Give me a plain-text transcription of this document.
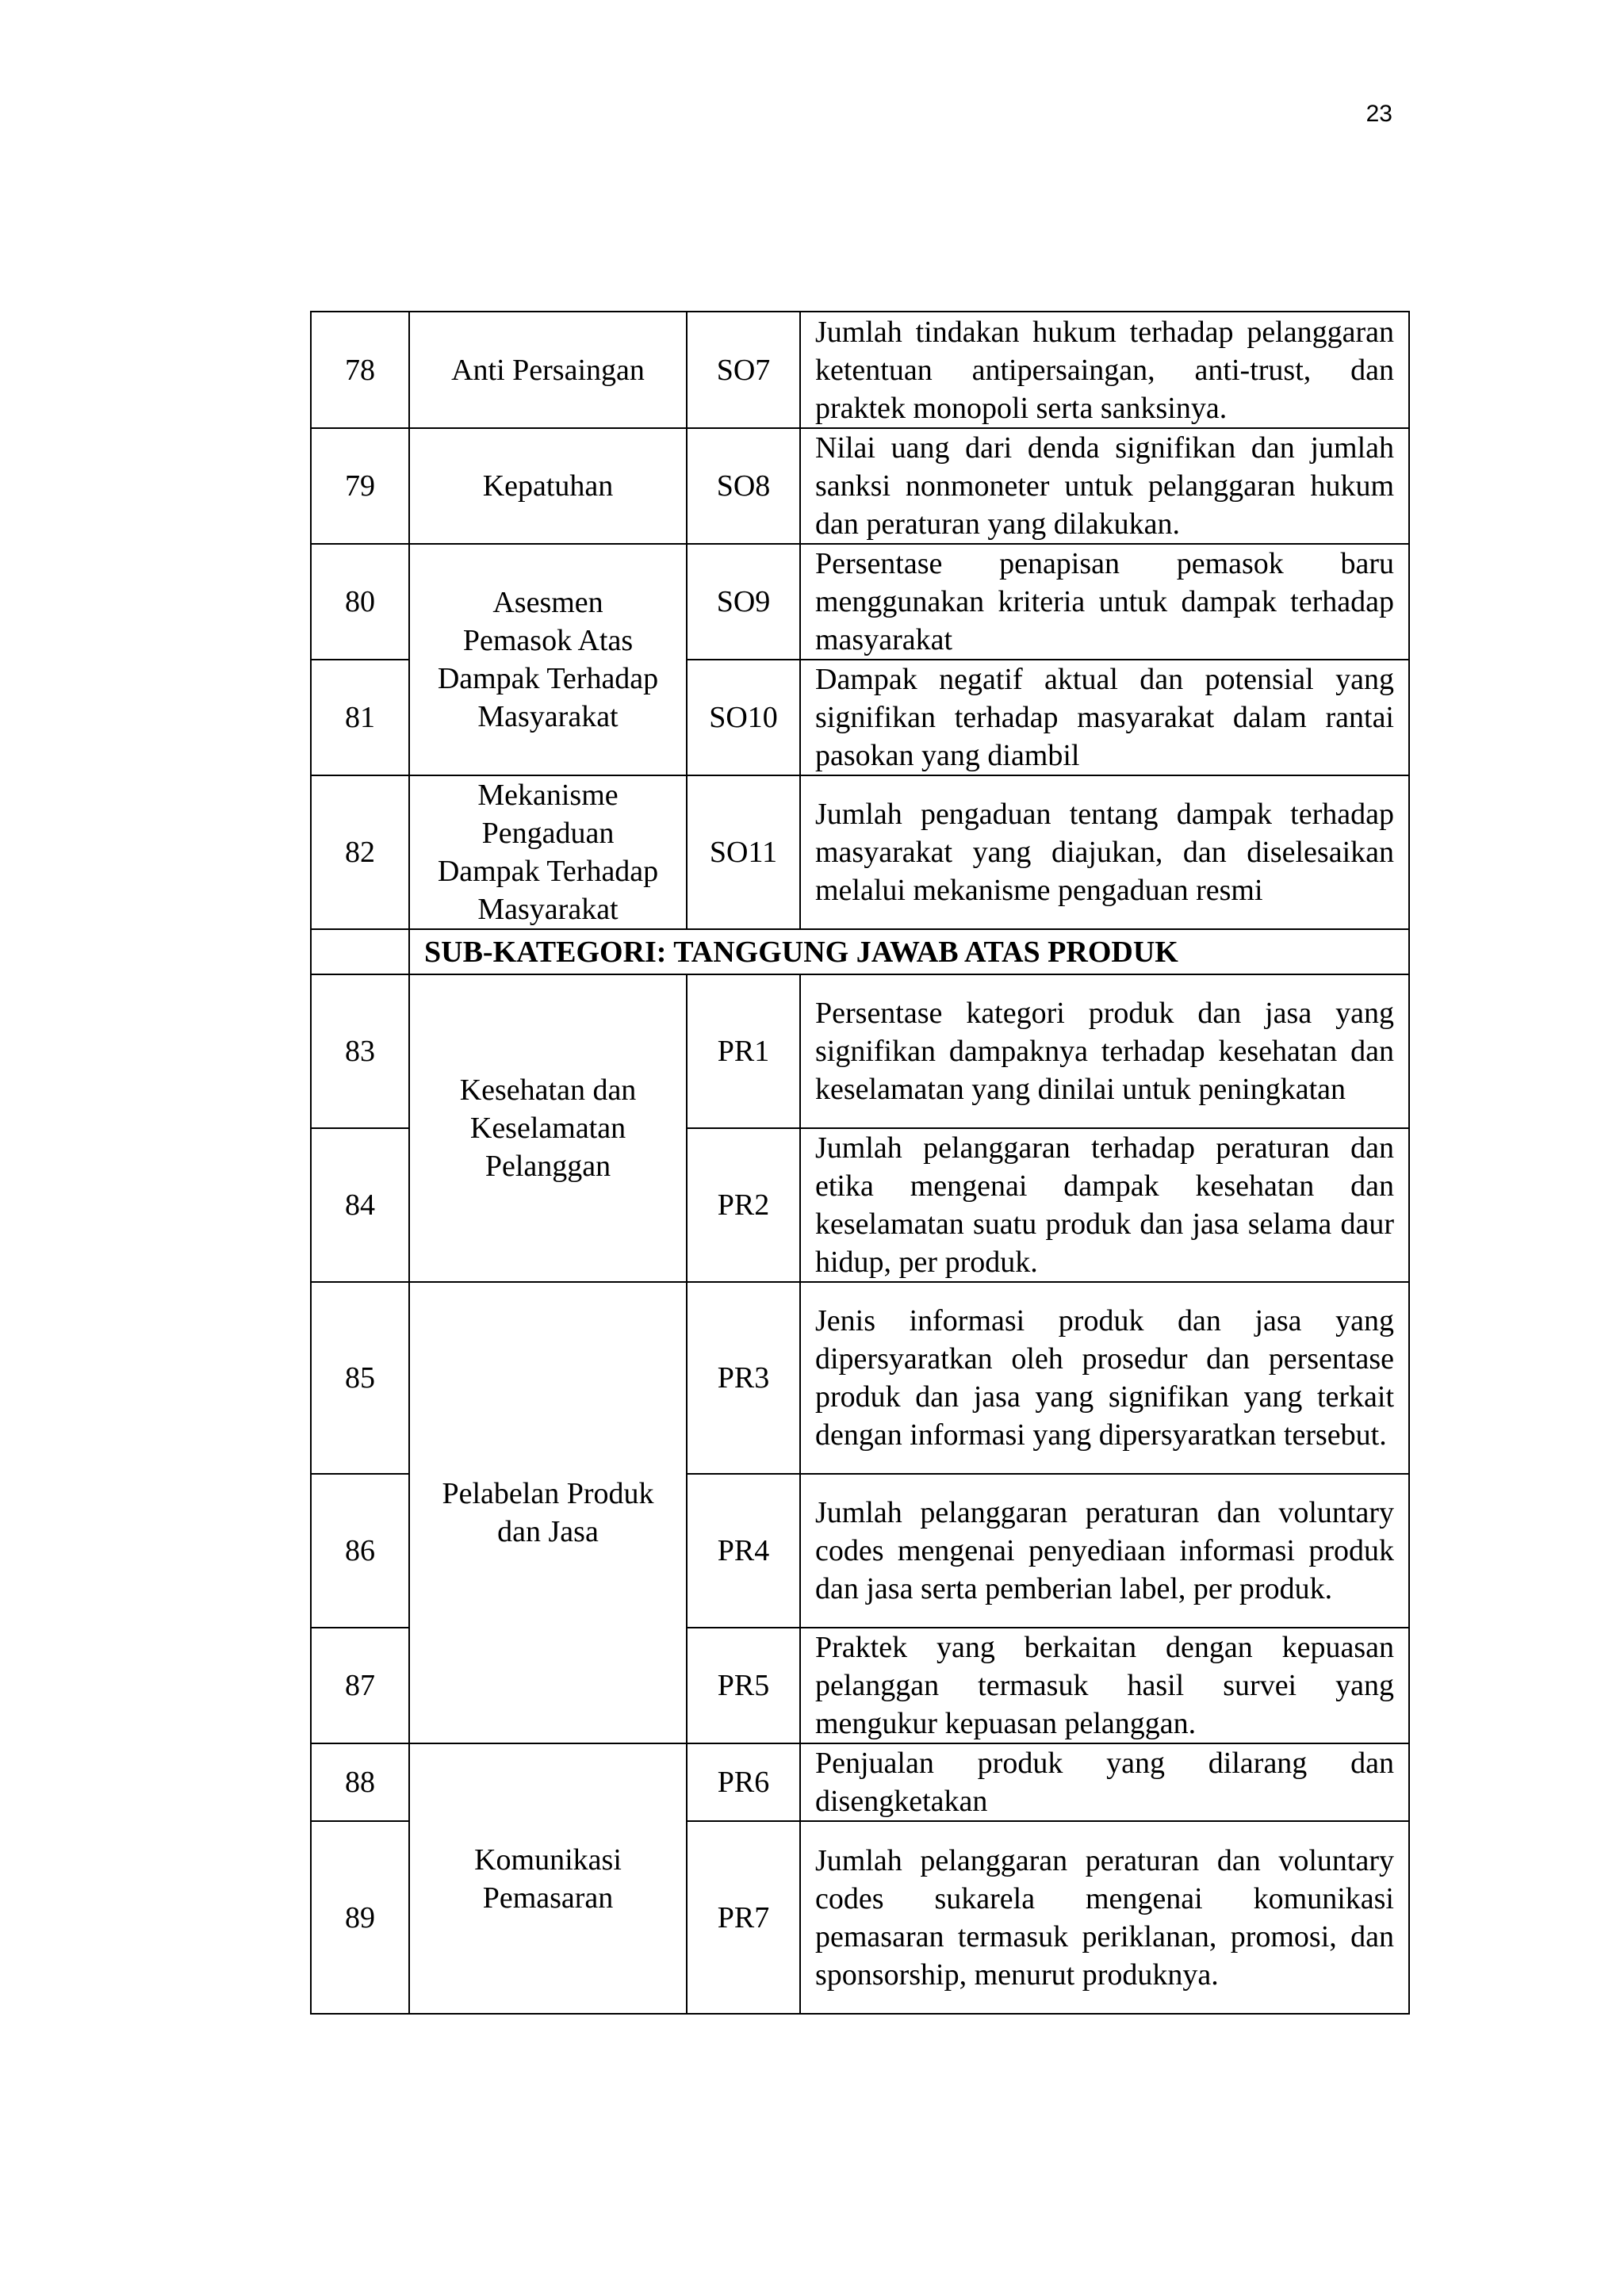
23
78	Anti Persaingan	SO7	Jumlah tindakan hukum terhadap pelanggaran ketentuan antipersaingan, anti-trust, dan praktek monopoli serta sanksinya.

79	Kepatuhan	SO8	Nilai uang dari denda signifikan dan jumlah sanksi nonmoneter untuk pelanggaran hukum dan peraturan yang dilakukan.

80	Asesmen
Pemasok Atas
Dampak Terhadap
Masyarakat	SO9	Persentase penapisan pemasok baru menggunakan kriteria untuk dampak terhadap masyarakat

81		SO10	Dampak negatif aktual dan potensial yang signifikan terhadap masyarakat dalam rantai pasokan yang diambil

82	Mekanisme
Pengaduan
Dampak Terhadap
Masyarakat	SO11	Jumlah pengaduan tentang dampak terhadap masyarakat yang diajukan, dan diselesaikan melalui mekanisme pengaduan resmi

	SUB-KATEGORI: TANGGUNG JAWAB ATAS PRODUK		
83	Kesehatan dan
Keselamatan
Pelanggan	PR1	Persentase kategori produk dan jasa yang signifikan dampaknya terhadap kesehatan dan keselamatan yang dinilai untuk peningkatan

84		PR2	Jumlah pelanggaran terhadap peraturan dan etika mengenai dampak kesehatan dan keselamatan suatu produk dan jasa selama daur hidup, per produk.

85	Pelabelan Produk
dan Jasa	PR3	Jenis informasi produk dan jasa yang dipersyaratkan oleh prosedur dan persentase produk dan jasa yang signifikan yang terkait dengan informasi yang dipersyaratkan tersebut.

86		PR4	Jumlah pelanggaran peraturan dan voluntary codes mengenai penyediaan informasi produk dan jasa serta pemberian label, per produk.

87		PR5	Praktek yang berkaitan dengan kepuasan pelanggan termasuk hasil survei yang mengukur kepuasan pelanggan.

88	Komunikasi
Pemasaran	PR6	Penjualan produk yang dilarang dan disengketakan

89		PR7	Jumlah pelanggaran peraturan dan voluntary codes sukarela mengenai komunikasi pemasaran termasuk periklanan, promosi, dan sponsorship, menurut produknya.
